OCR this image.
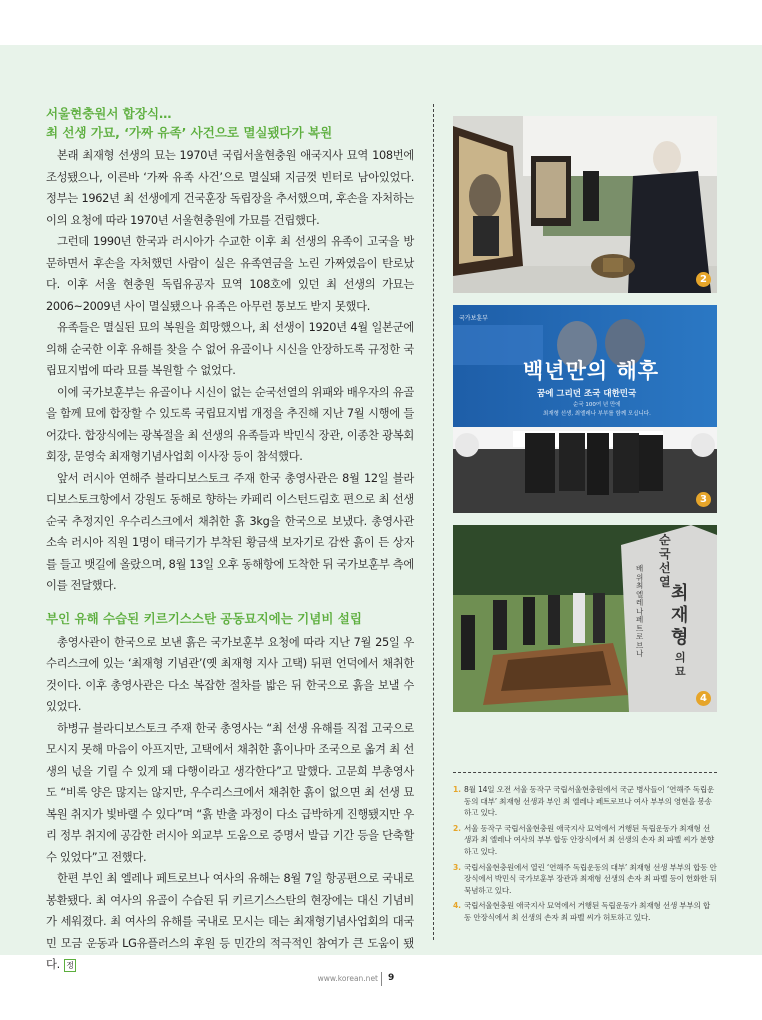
서울현충원서 합장식…

최 선생 가묘, ‘가짜 유족’ 사건으로 멸실됐다가 복원

본래 최재형 선생의 묘는 1970년 국립서울현충원 애국지사 묘역 108번에 조성됐으나, 이른바 ‘가짜 유족 사건’으로 멸실돼 지금껏 빈터로 남아있었다. 정부는 1962년 최 선생에게 건국훈장 독립장을 추서했으며, 후손을 자처하는 이의 요청에 따라 1970년 서울현충원에 가묘를 건립했다.

그런데 1990년 한국과 러시아가 수교한 이후 최 선생의 유족이 고국을 방문하면서 후손을 자처했던 사람이 실은 유족연금을 노린 가짜였음이 탄로났다. 이후 서울 현충원 독립유공자 묘역 108호에 있던 최 선생의 가묘는 2006~2009년 사이 멸실됐으나 유족은 아무런 통보도 받지 못했다.

유족들은 멸실된 묘의 복원을 희망했으나, 최 선생이 1920년 4월 일본군에 의해 순국한 이후 유해를 찾을 수 없어 유골이나 시신을 안장하도록 규정한 국립묘지법에 따라 묘를 복원할 수 없었다.

이에 국가보훈부는 유골이나 시신이 없는 순국선열의 위패와 배우자의 유골을 함께 묘에 합장할 수 있도록 국립묘지법 개정을 추진해 지난 7월 시행에 들어갔다. 합장식에는 광복절을 최 선생의 유족들과 박민식 장관, 이종찬 광복회 회장, 문영숙 최재형기념사업회 이사장 등이 참석했다.

앞서 러시아 연해주 블라디보스토크 주재 한국 총영사관은 8월 12일 블라디보스토크항에서 강원도 동해로 향하는 카페리 이스턴드림호 편으로 최 선생 순국 추정지인 우수리스크에서 채취한 흙 3kg을 한국으로 보냈다. 총영사관 소속 러시아 직원 1명이 태극기가 부착된 황금색 보자기로 감싼 흙이 든 상자를 들고 뱃길에 올랐으며, 8월 13일 오후 동해항에 도착한 뒤 국가보훈부 측에 이를 전달했다.

부인 유해 수습된 키르기스스탄 공동묘지에는 기념비 설립

총영사관이 한국으로 보낸 흙은 국가보훈부 요청에 따라 지난 7월 25일 우수리스크에 있는 ‘최재형 기념관’(옛 최재형 지사 고택) 뒤편 언덕에서 채취한 것이다. 이후 총영사관은 다소 복잡한 절차를 밟은 뒤 한국으로 흙을 보낼 수 있었다.

하병규 블라디보스토크 주재 한국 총영사는 “최 선생 유해를 직접 고국으로 모시지 못해 마음이 아프지만, 고택에서 채취한 흙이나마 조국으로 옮겨 최 선생의 넋을 기릴 수 있게 돼 다행이라고 생각한다”고 말했다. 고문희 부총영사도 “비록 양은 많지는 않지만, 우수리스크에서 채취한 흙이 없으면 최 선생 묘 복원 취지가 빛바랠 수 있다”며 “흙 반출 과정이 다소 급박하게 진행됐지만 우리 정부 취지에 공감한 러시아 외교부 도움으로 증명서 발급 기간 등을 단축할 수 있었다”고 전했다.

한편 부인 최 엘레나 페트로브나 여사의 유해는 8월 7일 항공편으로 국내로 봉환됐다. 최 여사의 유골이 수습된 뒤 키르기스스탄의 현장에는 대신 기념비가 세워졌다. 최 여사의 유해를 국내로 모시는 데는 최재형기념사업회의 대국민 모금 운동과 LG유플러스의 후원 등 민간의 적극적인 참여가 큰 도움이 됐다. 정

2
국가보훈부
백년만의 해후
꿈에 그리던 조국 대한민국
순국 100여 년 만에
최재형 선생, 최엘레나 부부를 함께 모십니다.
3
순국선열
배위 최엘레나 페트로브나
최재형
의묘
4
1. 8월 14일 오전 서울 동작구 국립서울현충원에서 국군 병사들이 ‘연해주 독립운동의 대부’ 최재형 선생과 부인 최 엘레나 페트로브나 여사 부부의 영현을 봉송하고 있다.
2. 서울 동작구 국립서울현충원 애국지사 묘역에서 거행된 독립운동가 최재형 선생과 최 엘레나 여사의 부부 합동 안장식에서 최 선생의 손자 최 파벨 씨가 분향하고 있다.
3. 국립서울현충원에서 열린 ‘연해주 독립운동의 대부’ 최재형 선생 부부의 합동 안장식에서 박민식 국가보훈부 장관과 최재형 선생의 손자 최 파벨 등이 헌화한 뒤 묵념하고 있다.
4. 국립서울현충원 애국지사 묘역에서 거행된 독립운동가 최재형 선생 부부의 합동 안장식에서 최 선생의 손자 최 파벨 씨가 허토하고 있다.
www.korean.net 9
